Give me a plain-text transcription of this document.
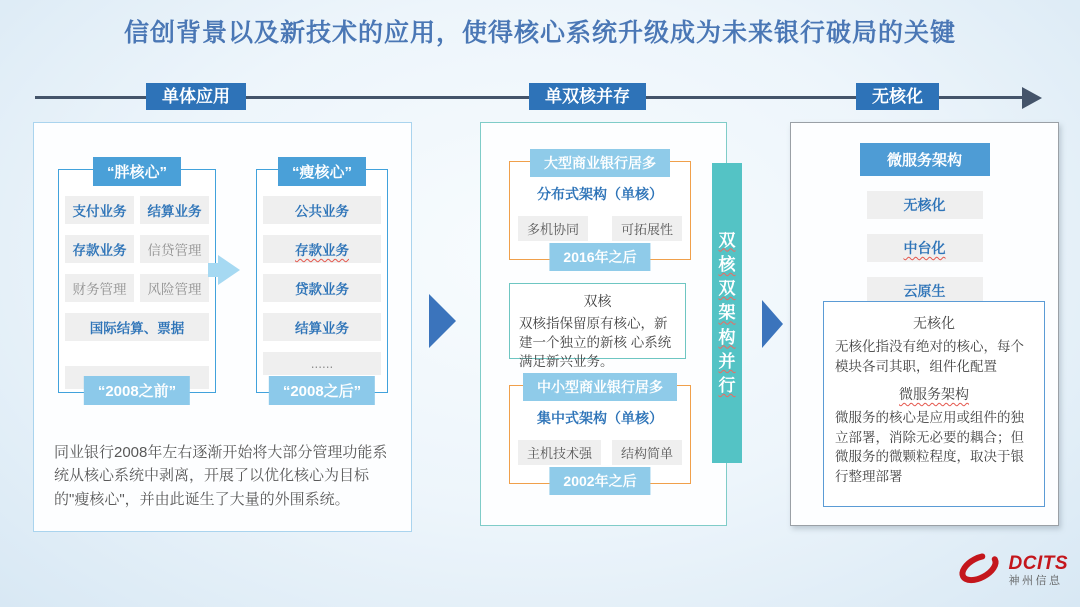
信创背景以及新技术的应用，使得核心系统升级成为未来银行破局的关键
单体应用	单双核并存	无核化
“胖核心”
支付业务	结算业务
存款业务	信贷管理
财务管理	风险管理
国际结算、票据
“2008之前”
“瘦核心”
公共业务
存款业务
贷款业务
结算业务
......
“2008之后”
同业银行2008年左右逐渐开始将大部分管理功能系统从核心系统中剥离，开展了以优化核心为目标的"瘦核心"，并由此诞生了大量的外围系统。
大型商业银行居多
分布式架构（单核）
多机协同	可拓展性
2016年之后
双核
双核指保留原有核心，新建一个独立的新核 心系统满足新兴业务。
中小型商业银行居多
集中式架构（单核）
主机技术强	结构简单
2002年之后
双
核
双
架
构
并
行
微服务架构
无核化
中台化
云原生
无核化
无核化指没有绝对的核心，每个模块各司其职，组件化配置
微服务架构
微服务的核心是应用或组件的独立部署，消除无必要的耦合；但微服务的微颗粒程度，取决于银行整理部署
DCITS
神州信息
